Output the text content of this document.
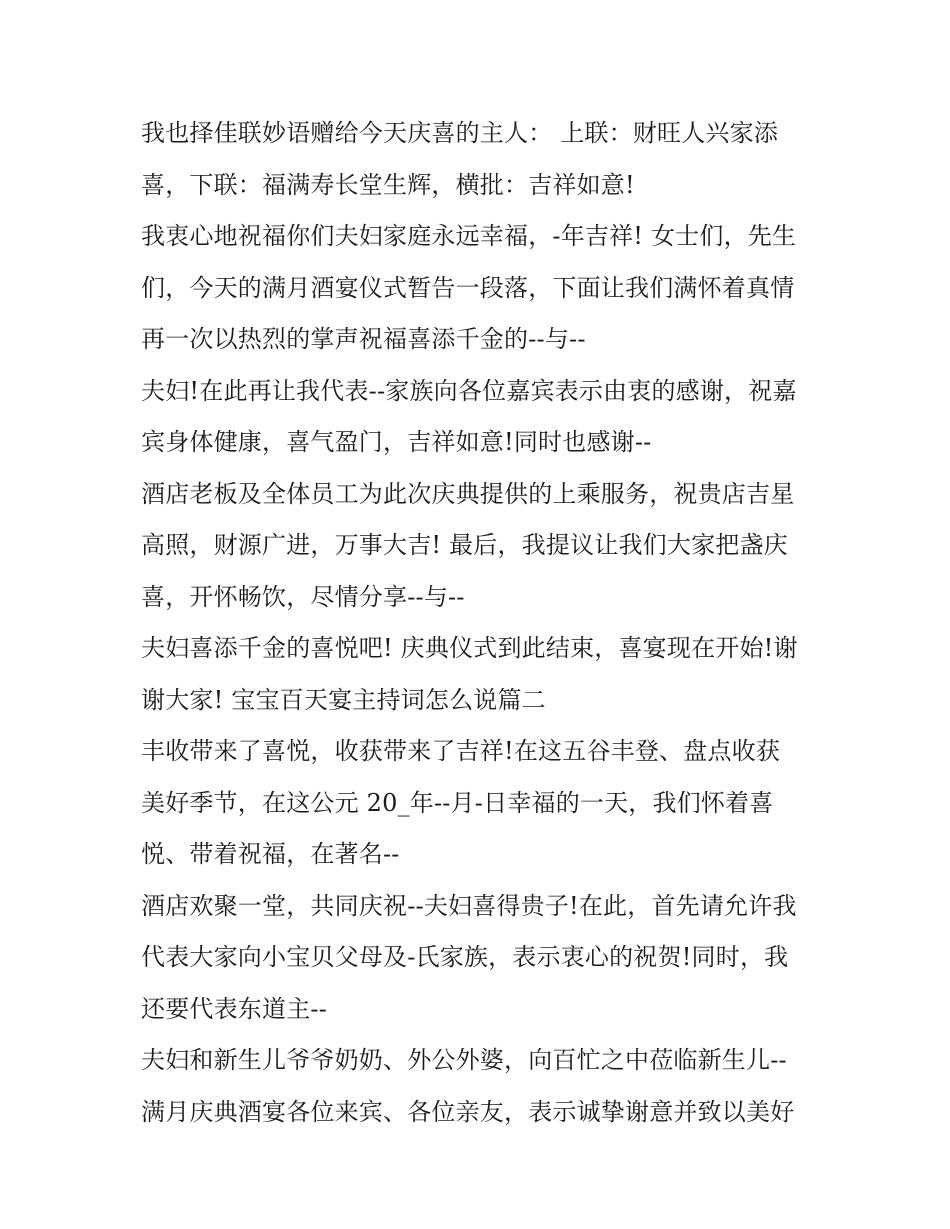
我也择佳联妙语赠给今天庆喜的主人： 上联：财旺人兴家添
喜，下联：福满寿长堂生辉，横批：吉祥如意!
我衷心地祝福你们夫妇家庭永远幸福，-年吉祥! 女士们，先生
们，今天的满月酒宴仪式暂告一段落，下面让我们满怀着真情
再一次以热烈的掌声祝福喜添千金的--与--
夫妇!在此再让我代表--家族向各位嘉宾表示由衷的感谢，祝嘉
宾身体健康，喜气盈门，吉祥如意!同时也感谢--
酒店老板及全体员工为此次庆典提供的上乘服务，祝贵店吉星
高照，财源广进，万事大吉! 最后，我提议让我们大家把盏庆
喜，开怀畅饮，尽情分享--与--
夫妇喜添千金的喜悦吧! 庆典仪式到此结束，喜宴现在开始!谢
谢大家! 宝宝百天宴主持词怎么说篇二
丰收带来了喜悦，收获带来了吉祥!在这五谷丰登、盘点收获
美好季节，在这公元 20_年--月-日幸福的一天，我们怀着喜
悦、带着祝福，在著名--
酒店欢聚一堂，共同庆祝--夫妇喜得贵子!在此，首先请允许我
代表大家向小宝贝父母及-氏家族，表示衷心的祝贺!同时，我
还要代表东道主--
夫妇和新生儿爷爷奶奶、外公外婆，向百忙之中莅临新生儿--
满月庆典酒宴各位来宾、各位亲友，表示诚挚谢意并致以美好
